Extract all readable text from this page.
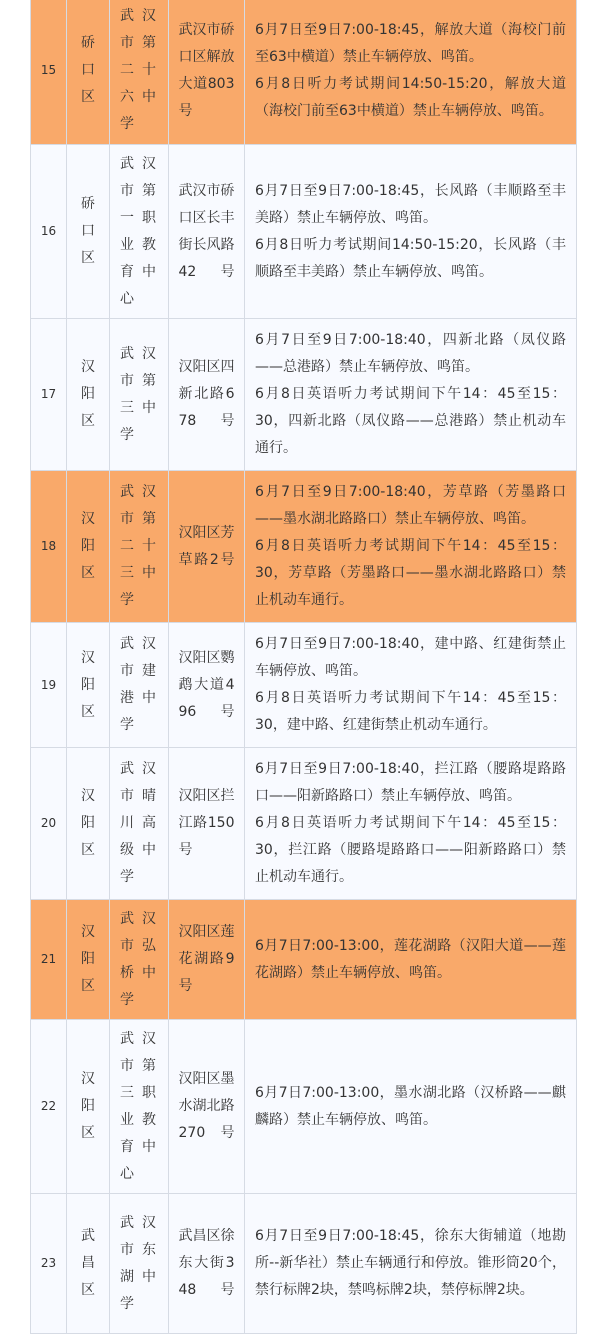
15	硚口区	武汉市第二十六中学	武汉市硚口区解放大道803号	6月7日至9日7:00-18:45，解放大道（海校门前至63中横道）禁止车辆停放、鸣笛。

6月8日听力考试期间14:50-15:20，解放大道（海校门前至63中横道）禁止车辆停放、鸣笛。

16	硚口区	武汉市第一职业教育中心	武汉市硚口区长丰街长风路42号	6月7日至9日7:00-18:45，长风路（丰顺路至丰美路）禁止车辆停放、鸣笛。

6月8日听力考试期间14:50-15:20，长风路（丰顺路至丰美路）禁止车辆停放、鸣笛。

17	汉阳区	武汉市第三中学	汉阳区四新北路678号	6月7日至9日7:00-18:40，四新北路（凤仪路——总港路）禁止车辆停放、鸣笛。

6月8日英语听力考试期间下午14：45至15：30，四新北路（凤仪路——总港路）禁止机动车通行。

18	汉阳区	武汉市第二十三中学	汉阳区芳草路2号	6月7日至9日7:00-18:40，芳草路（芳墨路口——墨水湖北路路口）禁止车辆停放、鸣笛。

6月8日英语听力考试期间下午14：45至15：30，芳草路（芳墨路口——墨水湖北路路口）禁止机动车通行。

19	汉阳区	武汉市建港中学	汉阳区鹦鹉大道496号	6月7日至9日7:00-18:40，建中路、红建街禁止车辆停放、鸣笛。

6月8日英语听力考试期间下午14：45至15：30，建中路、红建街禁止机动车通行。

20	汉阳区	武汉市晴川高级中学	汉阳区拦江路150号	6月7日至9日7:00-18:40，拦江路（腰路堤路路口——阳新路路口）禁止车辆停放、鸣笛。

6月8日英语听力考试期间下午14：45至15：30，拦江路（腰路堤路路口——阳新路路口）禁止机动车通行。

21	汉阳区	武汉市弘桥中学	汉阳区莲花湖路9号	6月7日7:00-13:00，莲花湖路（汉阳大道——莲花湖路）禁止车辆停放、鸣笛。

22	汉阳区	武汉市第三职业教育中心	汉阳区墨水湖北路270号	6月7日7:00-13:00，墨水湖北路（汉桥路——麒麟路）禁止车辆停放、鸣笛。

23	武昌区	武汉市东湖中学	武昌区徐东大街348号	6月7日至9日7:00-18:45，徐东大街辅道（地勘所--新华社）禁止车辆通行和停放。锥形筒20个，禁行标牌2块，禁鸣标牌2块，禁停标牌2块。
